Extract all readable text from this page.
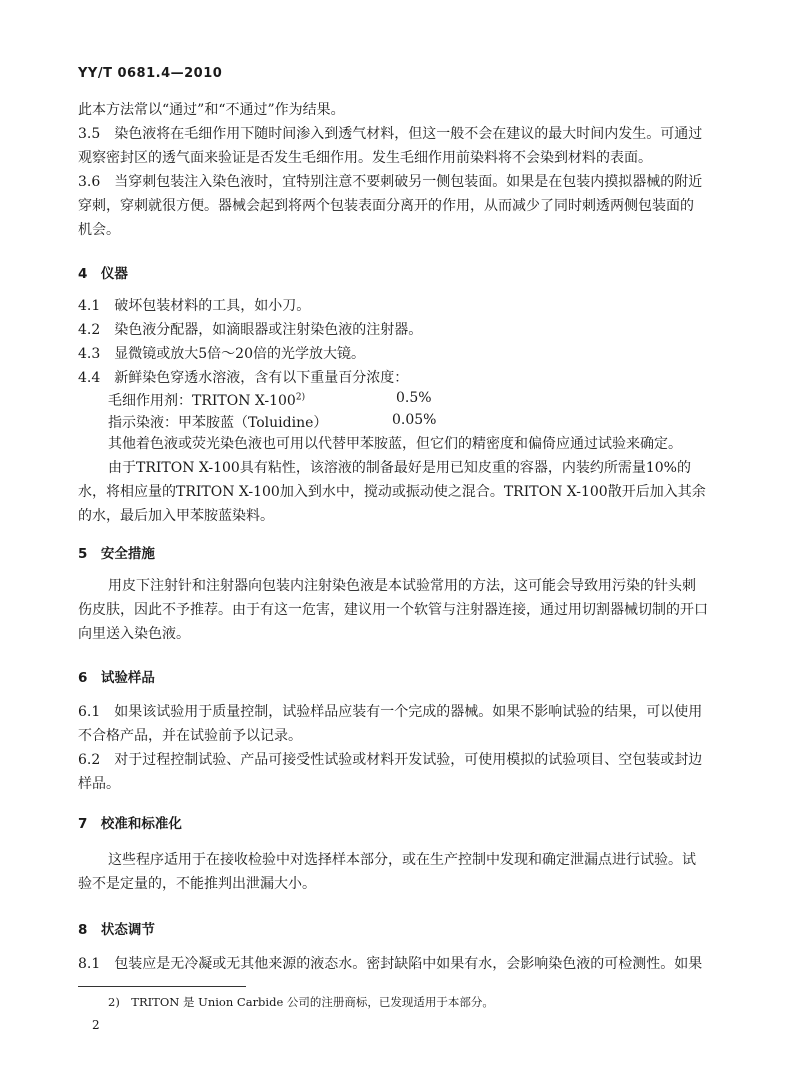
YY/T 0681.4—2010
此本方法常以“通过”和“不通过”作为结果。
3.5　染色液将在毛细作用下随时间渗入到透气材料，但这一般不会在建议的最大时间内发生。可通过
观察密封区的透气面来验证是否发生毛细作用。发生毛细作用前染料将不会染到材料的表面。
3.6　当穿刺包装注入染色液时，宜特别注意不要刺破另一侧包装面。如果是在包装内摸拟器械的附近
穿刺，穿刺就很方便。器械会起到将两个包装表面分离开的作用，从而减少了同时刺透两侧包装面的
机会。
4　仪器
4.1　破坏包装材料的工具，如小刀。
4.2　染色液分配器，如滴眼器或注射染色液的注射器。
4.3　显微镜或放大5倍～20倍的光学放大镜。
4.4　新鲜染色穿透水溶液，含有以下重量百分浓度：
毛细作用剂：TRITON X-100$^{2)}$	0.5%
指示染液：甲苯胺蓝（Toluidine）	0.05%
其他着色液或荧光染色液也可用以代替甲苯胺蓝，但它们的精密度和偏倚应通过试验来确定。
由于TRITON X-100具有粘性，该溶液的制备最好是用已知皮重的容器，内装约所需量10%的
水，将相应量的TRITON X-100加入到水中，搅动或振动使之混合。TRITON X-100散开后加入其余
的水，最后加入甲苯胺蓝染料。
5　安全措施
用皮下注射针和注射器向包装内注射染色液是本试验常用的方法，这可能会导致用污染的针头刺
伤皮肤，因此不予推荐。由于有这一危害，建议用一个软管与注射器连接，通过用切割器械切制的开口
向里送入染色液。
6　试验样品
6.1　如果该试验用于质量控制，试验样品应装有一个完成的器械。如果不影响试验的结果，可以使用
不合格产品，并在试验前予以记录。
6.2　对于过程控制试验、产品可接受性试验或材料开发试验，可使用模拟的试验项目、空包装或封边
样品。
7　校准和标准化
这些程序适用于在接收检验中对选择样本部分，或在生产控制中发现和确定泄漏点进行试验。试
验不是定量的，不能推判出泄漏大小。
8　状态调节
8.1　包装应是无冷凝或无其他来源的液态水。密封缺陷中如果有水，会影响染色液的可检测性。如果
2)　TRITON 是 Union Carbide 公司的注册商标，已发现适用于本部分。
2
